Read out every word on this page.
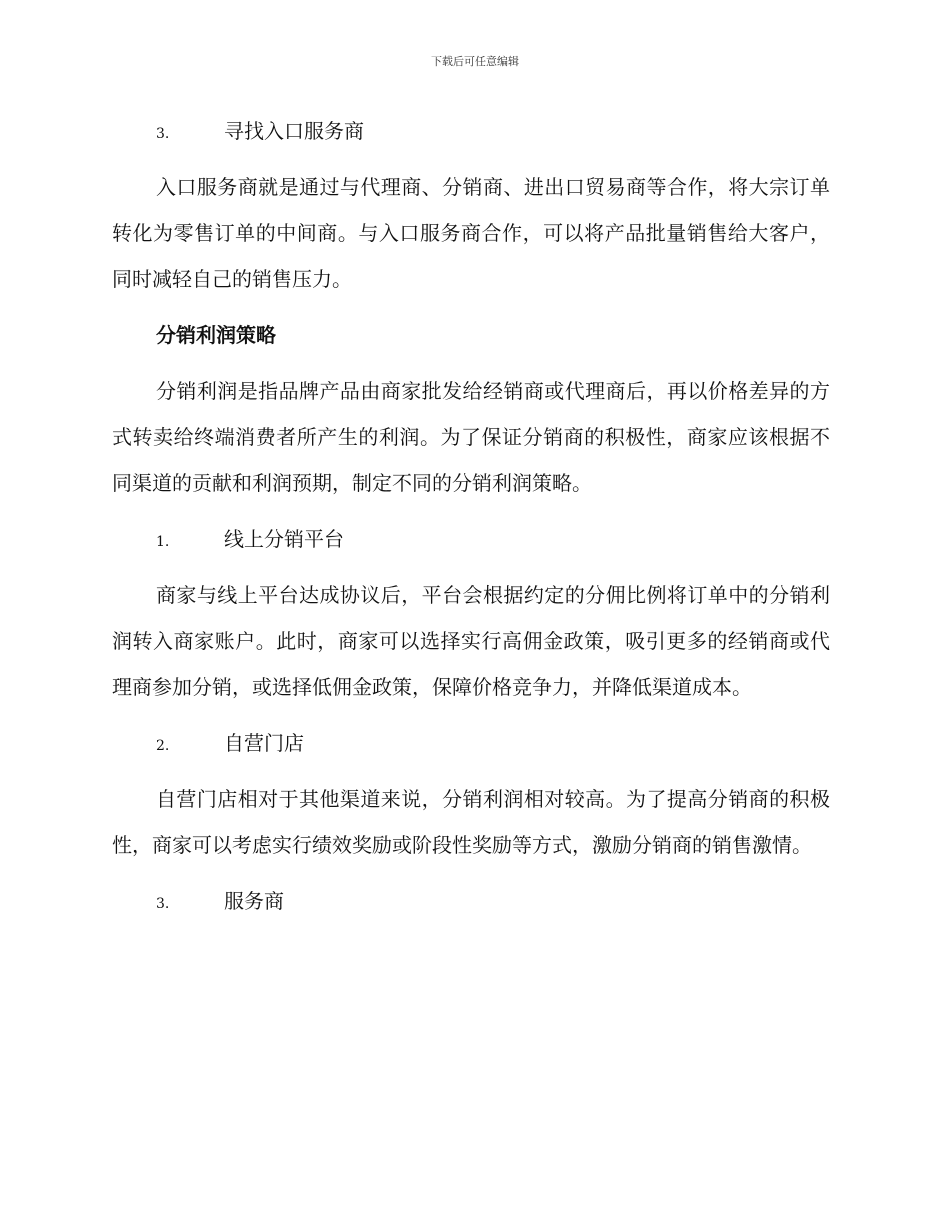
下载后可任意编辑
3.	寻找入口服务商

入口服务商就是通过与代理商、分销商、进出口贸易商等合作，将大宗订单转化为零售订单的中间商。与入口服务商合作，可以将产品批量销售给大客户，同时减轻自己的销售压力。

分销利润策略

分销利润是指品牌产品由商家批发给经销商或代理商后，再以价格差异的方式转卖给终端消费者所产生的利润。为了保证分销商的积极性，商家应该根据不同渠道的贡献和利润预期，制定不同的分销利润策略。

1.	线上分销平台

商家与线上平台达成协议后，平台会根据约定的分佣比例将订单中的分销利润转入商家账户。此时，商家可以选择实行高佣金政策，吸引更多的经销商或代理商参加分销，或选择低佣金政策，保障价格竞争力，并降低渠道成本。

2.	自营门店

自营门店相对于其他渠道来说，分销利润相对较高。为了提高分销商的积极性，商家可以考虑实行绩效奖励或阶段性奖励等方式，激励分销商的销售激情。

3.	服务商
